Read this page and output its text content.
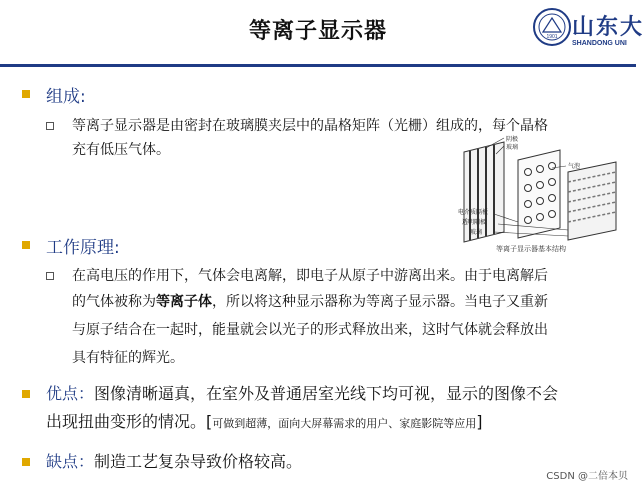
等离子显示器	1901 山东大
SHANDONG UNI
组成:
等离子显示器是由密封在玻璃膜夹层中的晶格矩阵（光栅）组成的，每个晶格
充有低压气体。
阴极
玻璃
气泡
电介质隔板
透明阳极
玻璃
等离子显示器基本结构
工作原理:
在高电压的作用下，气体会电离解，即电子从原子中游离出来。由于电离解后
的气体被称为等离子体，所以将这种显示器称为等离子显示器。当电子又重新
与原子结合在一起时，能量就会以光子的形式释放出来，这时气体就会释放出
具有特征的辉光。
优点：图像清晰逼真，在室外及普通居室光线下均可视，显示的图像不会
出现扭曲变形的情况。[可做到超薄，面向大屏幕需求的用户、家庭影院等应用]
缺点：制造工艺复杂导致价格较高。
CSDN @二倍本贝
